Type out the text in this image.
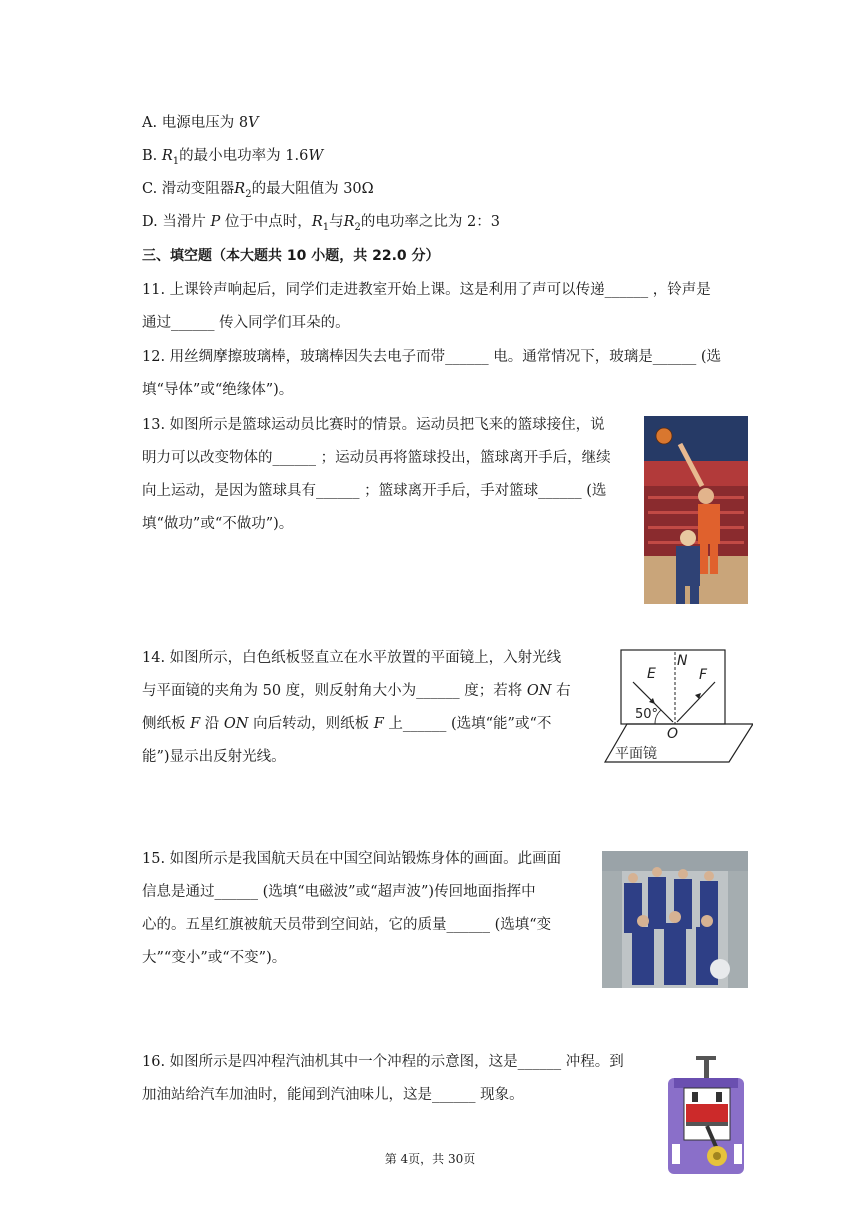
A. 电源电压为 8V
B. $R_1$的最小电功率为 1.6W
C. 滑动变阻器$R_2$的最大阻值为 30Ω
D. 当滑片 P 位于中点时，$R_1$与$R_2$的电功率之比为 2：3
三、填空题（本大题共 10 小题，共 22.0 分）

11. 上课铃声响起后，同学们走进教室开始上课。这是利用了声可以传递______ ，铃声是

通过______ 传入同学们耳朵的。

12. 用丝绸摩擦玻璃棒，玻璃棒因失去电子而带______ 电。通常情况下，玻璃是______ (选

填“导体”或“绝缘体”)。

13. 如图所示是篮球运动员比赛时的情景。运动员把飞来的篮球接住，说

明力可以改变物体的______ ；运动员再将篮球投出，篮球离开手后，继续

向上运动，是因为篮球具有______ ；篮球离开手后，手对篮球______ (选

填“做功”或“不做功”)。

14. 如图所示，白色纸板竖直立在水平放置的平面镜上，入射光线

与平面镜的夹角为 50 度，则反射角大小为______ 度；若将 ON 右

侧纸板 F 沿 ON 向后转动，则纸板 F 上______ (选填“能”或“不

能”)显示出反射光线。

E
N
F
O
50°
平面镜

15. 如图所示是我国航天员在中国空间站锻炼身体的画面。此画面

信息是通过______ (选填“电磁波”或“超声波”)传回地面指挥中

心的。五星红旗被航天员带到空间站，它的质量______ (选填“变

大”“变小”或“不变”)。

16. 如图所示是四冲程汽油机其中一个冲程的示意图，这是______ 冲程。到

加油站给汽车加油时，能闻到汽油味儿，这是______ 现象。

第 4页，共 30页
